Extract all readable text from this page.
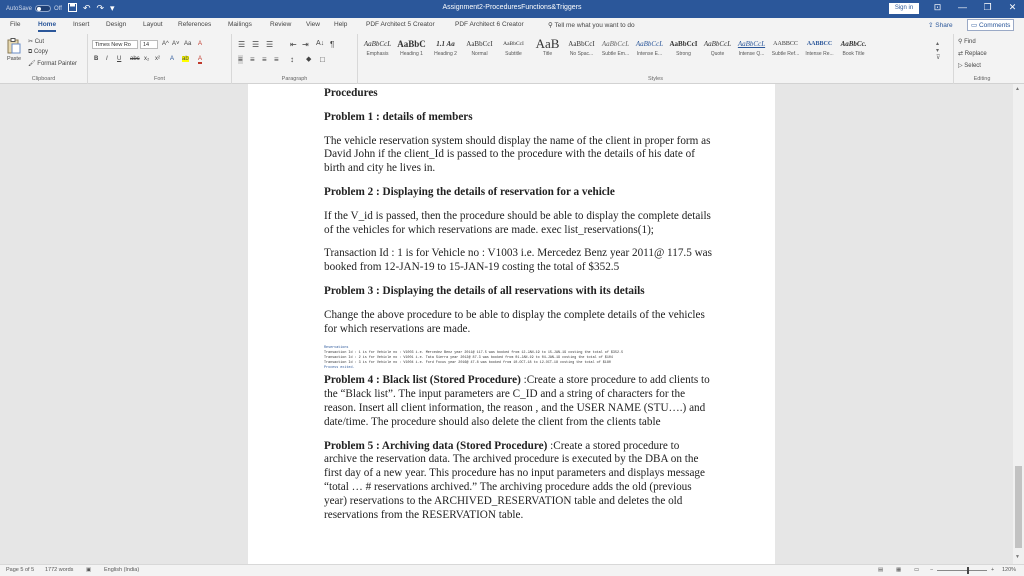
AutoSave	Off ↶ ↷ ▾	Assignment2-ProceduresFunctions&Triggers	Sign in	⊡	—	❐	✕
File	Home	Insert	Design	Layout References	Mailings	Review View Help	PDF Architect 5 Creator	PDF Architect 6 Creator	⚲ Tell me what you want to do	⇪ Share	▭ Comments
Paste
✂ Cut
⧉ Copy
🖌 Format Painter
Clipboard
Times New Ro	14	A^ A˅ Aa A
B I U abc x₂ x² A ab A
Font
☰ ☰ ☰ ⇤ ⇥ A↓ ¶
≡ ≡ ≡ ≡ ↕ ◆ □
Paragraph
AaBbCcL
Emphasis
AaBbC
Heading 1
1.1 Aa
Heading 2
AaBbCcI
Normal
AaBbCcI
Subtitle
AaB
Title
AaBbCcI
No Spac...
AaBbCcL
Subtle Em...
AaBbCcL
Intense E...
AaBbCcI
Strong
AaBbCcL
Quote
AaBbCcL
Intense Q...
AABBCC
Subtle Ref...
AABBCC
Intense Re...
AaBbCc.
Book Title
▴
▾
⊽
Styles
⚲ Find
⇄ Replace
▷ Select
Editing

Procedures

Problem 1 : details of members

The vehicle reservation system should display the name of the client in proper form as David John if the client_Id is passed to the procedure with the details of his date of birth and city he lives in.

Problem 2 : Displaying the details of reservation for a vehicle

If the V_id is passed, then the procedure should be able to display the complete details of the vehicles for which reservations are made. exec list_reservations(1);

Transaction Id : 1 is for Vehicle no : V1003 i.e. Mercedez Benz year 2011@ 117.5 was booked from 12-JAN-19 to 15-JAN-19 costing the total of $352.5

Problem 3 : Displaying the details of all reservations with its details

Change the above procedure to be able to display the complete details of the vehicles for which reservations are made.

Reservations
Transaction Id : 1 is for Vehicle no : V1003 i.e. Mercedez Benz year 2011@ 117.5 was booked from 12-JAN-19 to 15-JAN-19 costing the total of $352.5
Transaction Id : 2 is for Vehicle no : V1001 i.e. Tata Sierra year 2012@ 87.3 was booked from 01-JAN-19 to 04-JAN-19 costing the total of $104
Transaction Id : 3 is for Vehicle no : V1004 i.e. Ford Focus year 2016@ 47.8 was booked from 10-OCT-18 to 12-OCT-18 costing the total of $180
Process exited.

Problem 4 : Black list (Stored Procedure) :Create a store procedure to add clients to the “Black list”. The input parameters are C_ID and a string of characters for the reason. Insert all client information, the reason , and the USER NAME (STU….) and date/time. The procedure should also delete the client from the clients table

Problem 5 : Archiving data (Stored Procedure) :Create a stored procedure to archive the reservation data. The archived procedure is executed by the DBA on the first day of a new year. This procedure has no input parameters and displays message “total … # reservations archived.” The archiving procedure adds the old (previous year) reservations to the ARCHIVED_RESERVATION table and deletes the old reservations from the RESERVATION table.

▲
▼
Page 5 of 5 1772 words ▣ English (India)	▤ ▦ ▭ −	+ 120%
